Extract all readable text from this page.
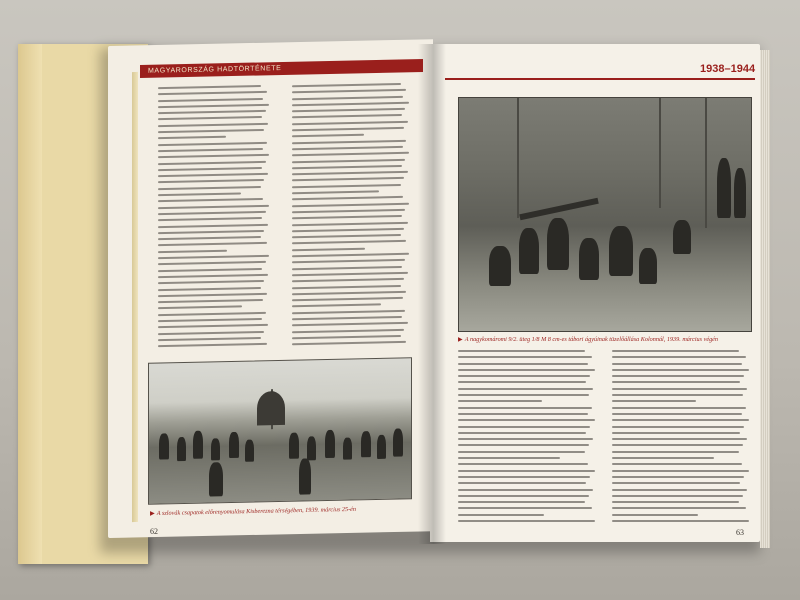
MAGYARORSZÁG HADTÖRTÉNETE	1938–1944
▶ A szlovák csapatok előrenyomulása Kisberezna térségében, 1939. március 25-én
62
▶ A nagykomáromi 9/2. üteg 1/8 M 8 cm-es tábori ágyúinak tüzelőállása Kolonnál, 1939. március végén
63
